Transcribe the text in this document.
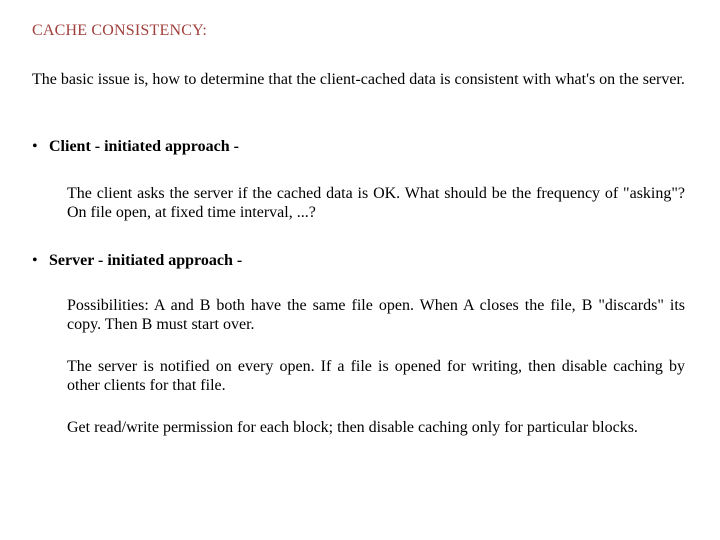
CACHE CONSISTENCY:
The basic issue is, how to determine that the client-cached data is consistent with what's on the server.
• Client - initiated approach -
The client asks the server if the cached data is OK. What should be the frequency of "asking"? On file open, at fixed time interval, ...?
• Server - initiated approach -
Possibilities: A and B both have the same file open. When A closes the file, B "discards" its copy. Then B must start over.
The server is notified on every open. If a file is opened for writing, then disable caching by other clients for that file.
Get read/write permission for each block; then disable caching only for particular blocks.
